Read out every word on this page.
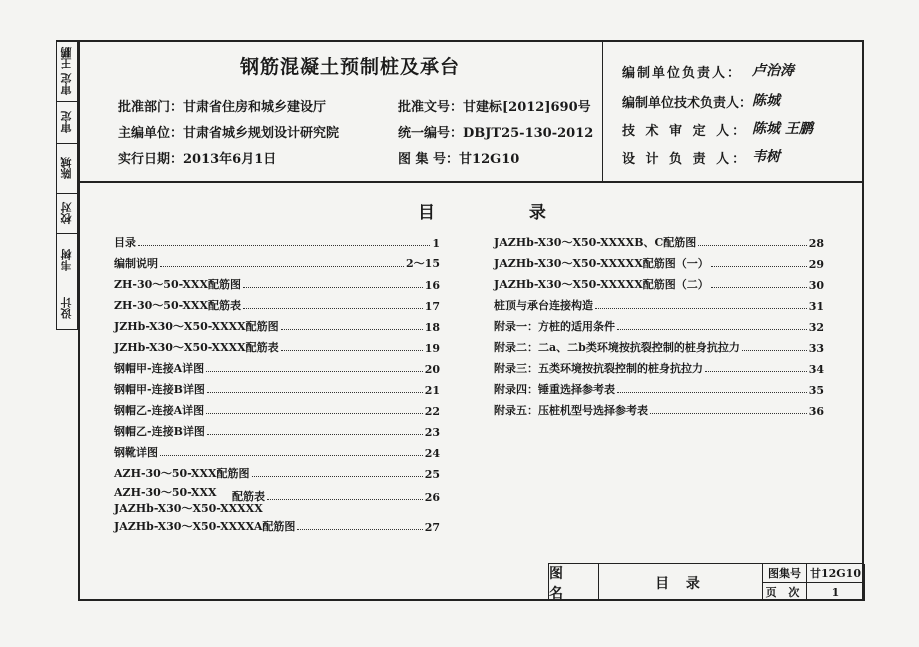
审定 王鹏
审定
陈城
校对
韦树
设计
钢筋混凝土预制桩及承台
批准部门：甘肃省住房和城乡建设厅
主编单位：甘肃省城乡规划设计研究院
实行日期：2013年6月1日
批准文号：甘建标[2012]690号
统一编号：DBJT25-130-2012
图 集 号：甘12G10
编制单位负责人： 卢治涛
编制单位技术负责人： 陈城
技 术 审 定 人： 陈城 王鹏
设 计 负 责 人： 韦树
目 录
目录	1
编制说明	2～15
ZH-30～50-XXX配筋图	16
ZH-30～50-XXX配筋表	17
JZHb-X30～X50-XXXX配筋图	18
JZHb-X30～X50-XXXX配筋表	19
钢帽甲-连接A详图	20
钢帽甲-连接B详图	21
钢帽乙-连接A详图	22
钢帽乙-连接B详图	23
钢靴详图	24
AZH-30～50-XXX配筋图	25
AZH-30～50-XXX
JAZHb-X30～X50-XXXXX
配筋表	26
JAZHb-X30～X50-XXXXA配筋图	27
JAZHb-X30～X50-XXXXB、C配筋图	28
JAZHb-X30～X50-XXXXX配筋图（一）	29
JAZHb-X30～X50-XXXXX配筋图（二）	30
桩顶与承台连接构造	31
附录一：方桩的适用条件	32
附录二：二a、二b类环境按抗裂控制的桩身抗拉力	33
附录三：五类环境按抗裂控制的桩身抗拉力	34
附录四：锤重选择参考表	35
附录五：压桩机型号选择参考表	36
图 名
目 录
图集号 甘12G10
页 次	1
